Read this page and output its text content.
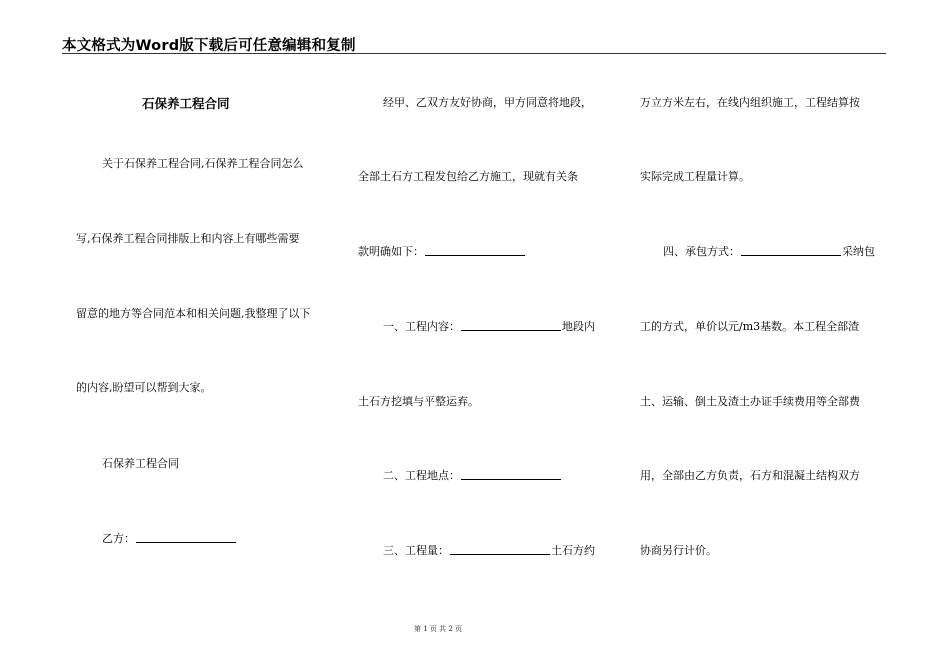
本文格式为Word版下载后可任意编辑和复制
石保养工程合同
关于石保养工程合同,石保养工程合同怎么
写,石保养工程合同排版上和内容上有哪些需要
留意的地方等合同范本和相关问题,我整理了以下
的内容,盼望可以帮到大家。
石保养工程合同
乙方：
经甲、乙双方友好协商，甲方同意将地段，
全部土石方工程发包给乙方施工，现就有关条
款明确如下：
一、工程内容：	地段内
土石方挖填与平整运弃。
二、工程地点：
三、工程量：	土石方约
万立方米左右，在线内组织施工，工程结算按
实际完成工程量计算。
四、承包方式：	采纳包
工的方式，单价以元/m3基数。本工程全部渣
土、运输、倒土及渣土办证手续费用等全部费
用，全部由乙方负责，石方和混凝土结构双方
协商另行计价。
第 1 页 共 2 页
